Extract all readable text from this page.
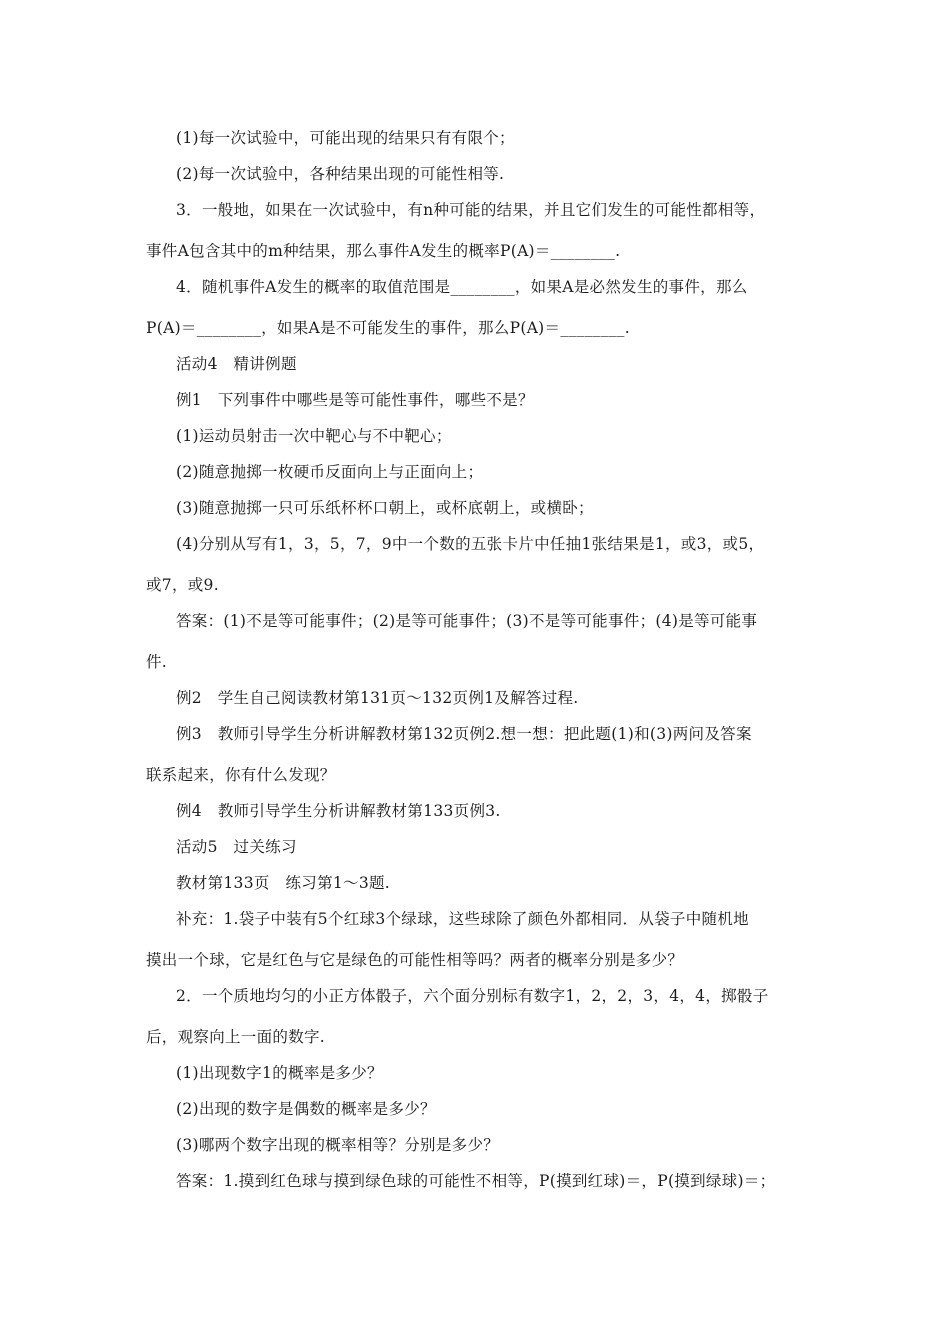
(1)每一次试验中，可能出现的结果只有有限个；
(2)每一次试验中，各种结果出现的可能性相等.
3．一般地，如果在一次试验中，有n种可能的结果，并且它们发生的可能性都相等，
事件A包含其中的m种结果，那么事件A发生的概率P(A)＝________.
4．随机事件A发生的概率的取值范围是________，如果A是必然发生的事件，那么
P(A)＝________，如果A是不可能发生的事件，那么P(A)＝________.
活动4　精讲例题
例1　下列事件中哪些是等可能性事件，哪些不是？
(1)运动员射击一次中靶心与不中靶心；
(2)随意抛掷一枚硬币反面向上与正面向上；
(3)随意抛掷一只可乐纸杯杯口朝上，或杯底朝上，或横卧；
(4)分别从写有1，3，5，7，9中一个数的五张卡片中任抽1张结果是1，或3，或5，
或7，或9.
答案：(1)不是等可能事件；(2)是等可能事件；(3)不是等可能事件；(4)是等可能事
件.
例2　学生自己阅读教材第131页～132页例1及解答过程.
例3　教师引导学生分析讲解教材第132页例2.想一想：把此题(1)和(3)两问及答案
联系起来，你有什么发现？
例4　教师引导学生分析讲解教材第133页例3.
活动5　过关练习
教材第133页　练习第1～3题.
补充：1.袋子中装有5个红球3个绿球，这些球除了颜色外都相同．从袋子中随机地
摸出一个球，它是红色与它是绿色的可能性相等吗？两者的概率分别是多少？
2．一个质地均匀的小正方体骰子，六个面分别标有数字1，2，2，3，4，4，掷骰子
后，观察向上一面的数字.
(1)出现数字1的概率是多少？
(2)出现的数字是偶数的概率是多少？
(3)哪两个数字出现的概率相等？分别是多少？
答案：1.摸到红色球与摸到绿色球的可能性不相等，P(摸到红球)＝，P(摸到绿球)＝；
